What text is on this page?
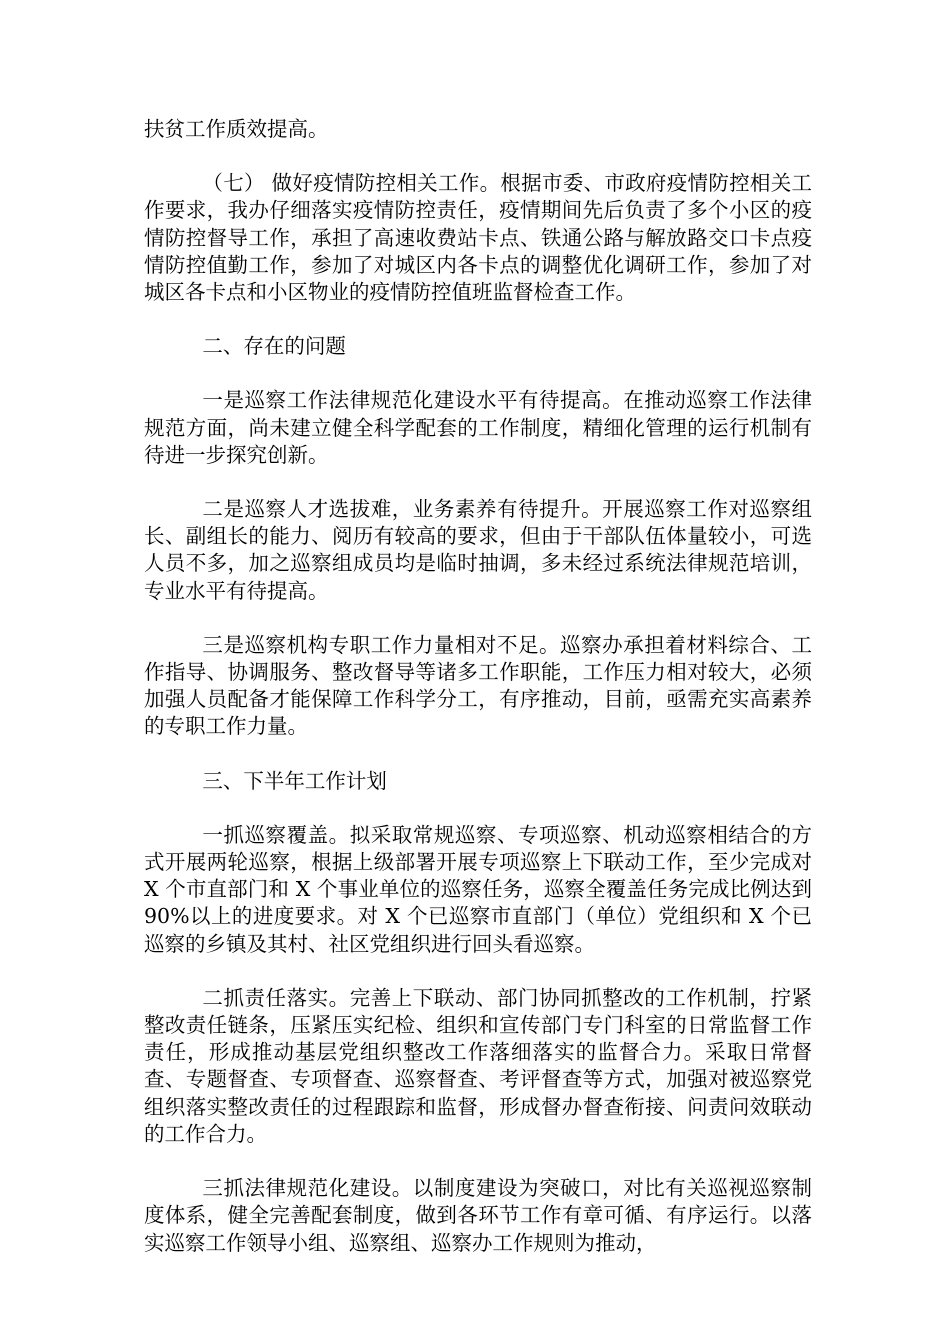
扶贫工作质效提高。

（七） 做好疫情防控相关工作。根据市委、市政府疫情防控相关工作要求，我办仔细落实疫情防控责任，疫情期间先后负责了多个小区的疫情防控督导工作，承担了高速收费站卡点、铁通公路与解放路交口卡点疫情防控值勤工作，参加了对城区内各卡点的调整优化调研工作，参加了对城区各卡点和小区物业的疫情防控值班监督检查工作。

二、存在的问题

一是巡察工作法律规范化建设水平有待提高。在推动巡察工作法律规范方面，尚未建立健全科学配套的工作制度，精细化管理的运行机制有待进一步探究创新。

二是巡察人才选拔难，业务素养有待提升。开展巡察工作对巡察组长、副组长的能力、阅历有较高的要求，但由于干部队伍体量较小，可选人员不多，加之巡察组成员均是临时抽调，多未经过系统法律规范培训，专业水平有待提高。

三是巡察机构专职工作力量相对不足。巡察办承担着材料综合、工作指导、协调服务、整改督导等诸多工作职能，工作压力相对较大，必须加强人员配备才能保障工作科学分工，有序推动，目前，亟需充实高素养的专职工作力量。

三、下半年工作计划

一抓巡察覆盖。拟采取常规巡察、专项巡察、机动巡察相结合的方式开展两轮巡察，根据上级部署开展专项巡察上下联动工作，至少完成对 X 个市直部门和 X 个事业单位的巡察任务，巡察全覆盖任务完成比例达到 90%以上的进度要求。对 X 个已巡察市直部门（单位）党组织和 X 个已巡察的乡镇及其村、社区党组织进行回头看巡察。

二抓责任落实。完善上下联动、部门协同抓整改的工作机制，拧紧整改责任链条，压紧压实纪检、组织和宣传部门专门科室的日常监督工作责任，形成推动基层党组织整改工作落细落实的监督合力。采取日常督查、专题督查、专项督查、巡察督查、考评督查等方式，加强对被巡察党组织落实整改责任的过程跟踪和监督，形成督办督查衔接、问责问效联动的工作合力。

三抓法律规范化建设。以制度建设为突破口，对比有关巡视巡察制度体系，健全完善配套制度，做到各环节工作有章可循、有序运行。以落实巡察工作领导小组、巡察组、巡察办工作规则为推动，
